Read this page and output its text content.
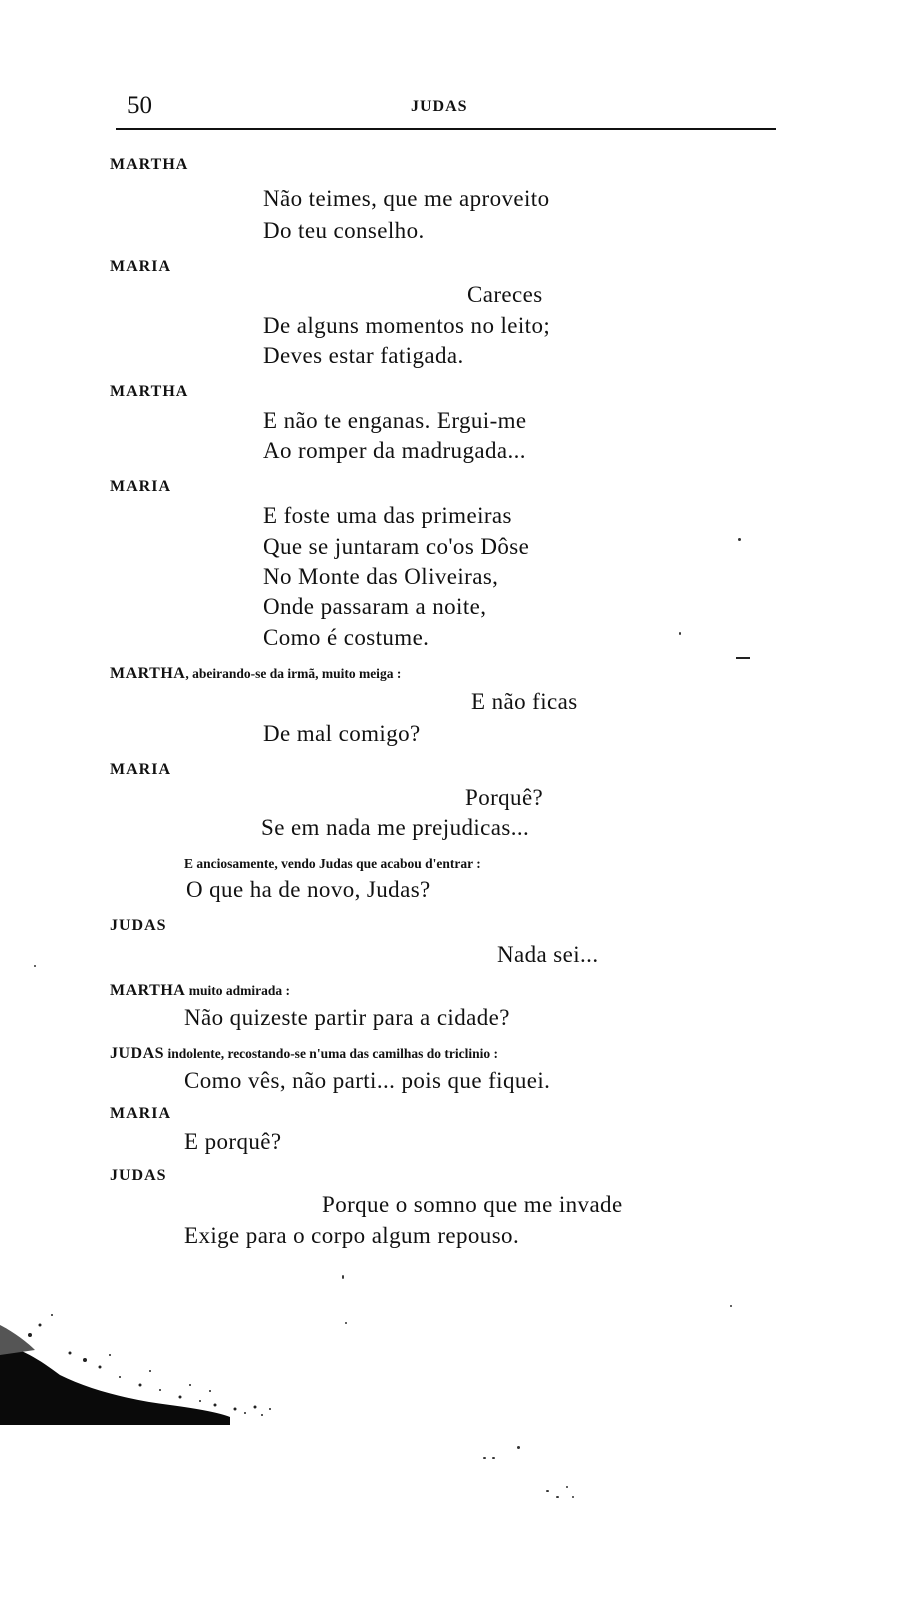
50	JUDAS
MARTHA
Não teimes, que me aproveito
Do teu conselho.
MARIA
Careces
De alguns momentos no leito;
Deves estar fatigada.
MARTHA
E não te enganas. Ergui-me
Ao romper da madrugada...
MARIA
E foste uma das primeiras
Que se juntaram co'os Dôse
No Monte das Oliveiras,
Onde passaram a noite,
Como é costume.
MARTHA, abeirando-se da irmã, muito meiga :
E não ficas
De mal comigo?
MARIA
Porquê?
Se em nada me prejudicas...
E anciosamente, vendo Judas que acabou d'entrar :
O que ha de novo, Judas?
JUDAS
Nada sei...
MARTHA muito admirada :
Não quizeste partir para a cidade?
JUDAS indolente, recostando-se n'uma das camilhas do triclinio :
Como vês, não parti... pois que fiquei.
MARIA
E porquê?
JUDAS
Porque o somno que me invade
Exige para o corpo algum repouso.
